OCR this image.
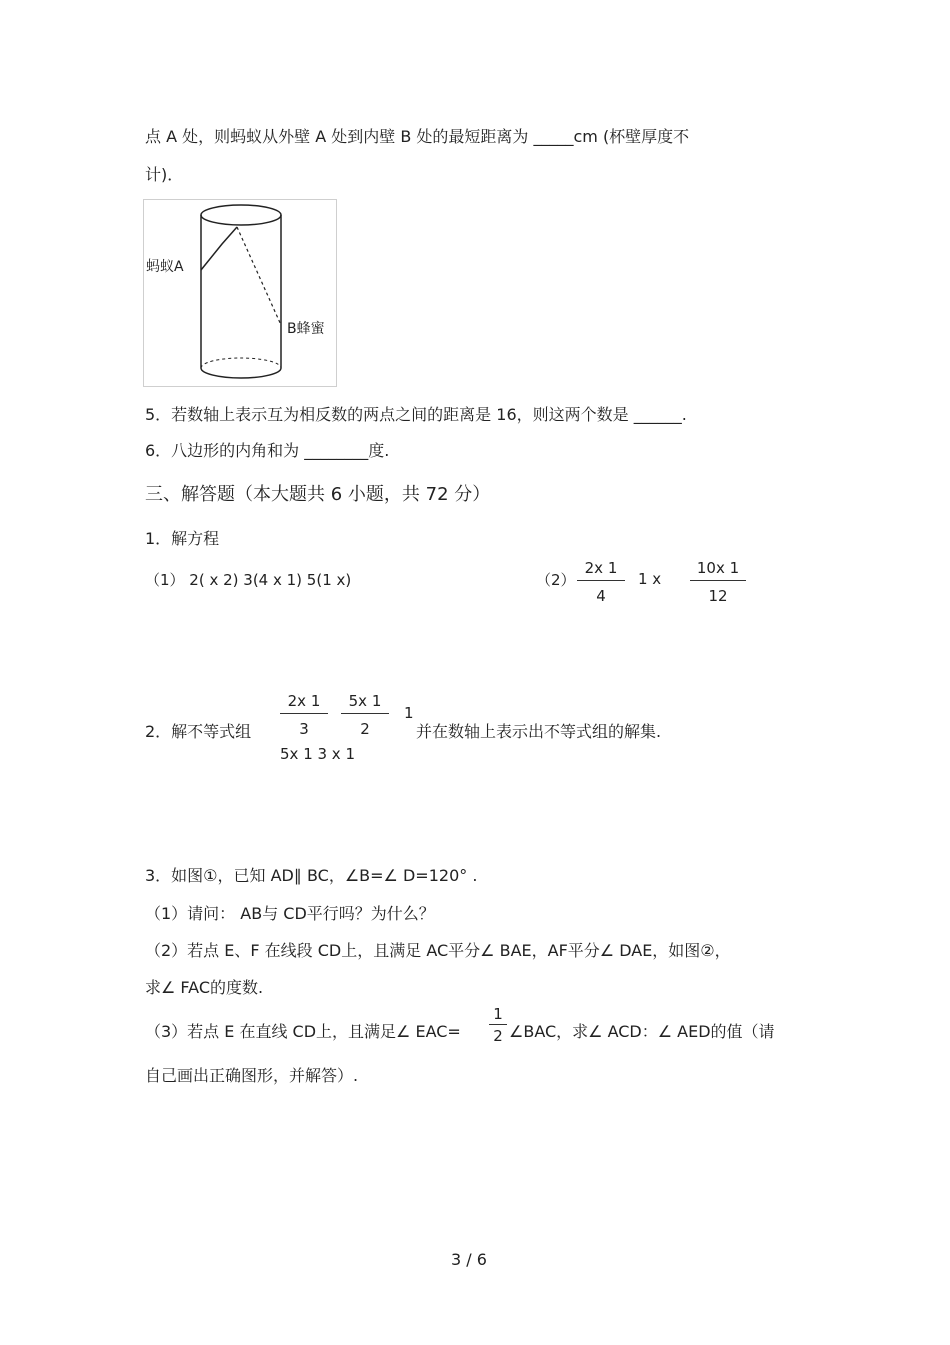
点 A 处，则蚂蚁从外壁 A 处到内壁 B 处的最短距离为 _____cm (杯壁厚度不
计)．
蚂蚁A
B蜂蜜
5．若数轴上表示互为相反数的两点之间的距离是 16，则这两个数是 ______.
6．八边形的内角和为 ________度.
三、解答题（本大题共 6 小题，共 72 分）
1．解方程
（1） 2( x 2) 3(4 x 1) 5(1 x)	$(2) \frac{2x 1}{4} 1$ x $\frac{10x 1}{12}$
2．解不等式组 $\frac{2x 1}{3} \frac{5x 1}{2} 1$
并在数轴上表示出不等式组的解集.
5x 1 3 x 1
3．如图①，已知 AD∥ BC，∠B=∠ D=120° .
（1）请问： AB与 CD平行吗？为什么？
（2）若点 E、F 在线段 CD上，且满足 AC平分∠ BAE，AF平分∠ DAE，如图②，
求∠ FAC的度数.
（3）若点 E 在直线 CD上，且满足∠ $EAC= \frac{1}{2}$ ∠BAC，求∠ ACD：∠ AED的值（请
自己画出正确图形，并解答）.
3 / 6
